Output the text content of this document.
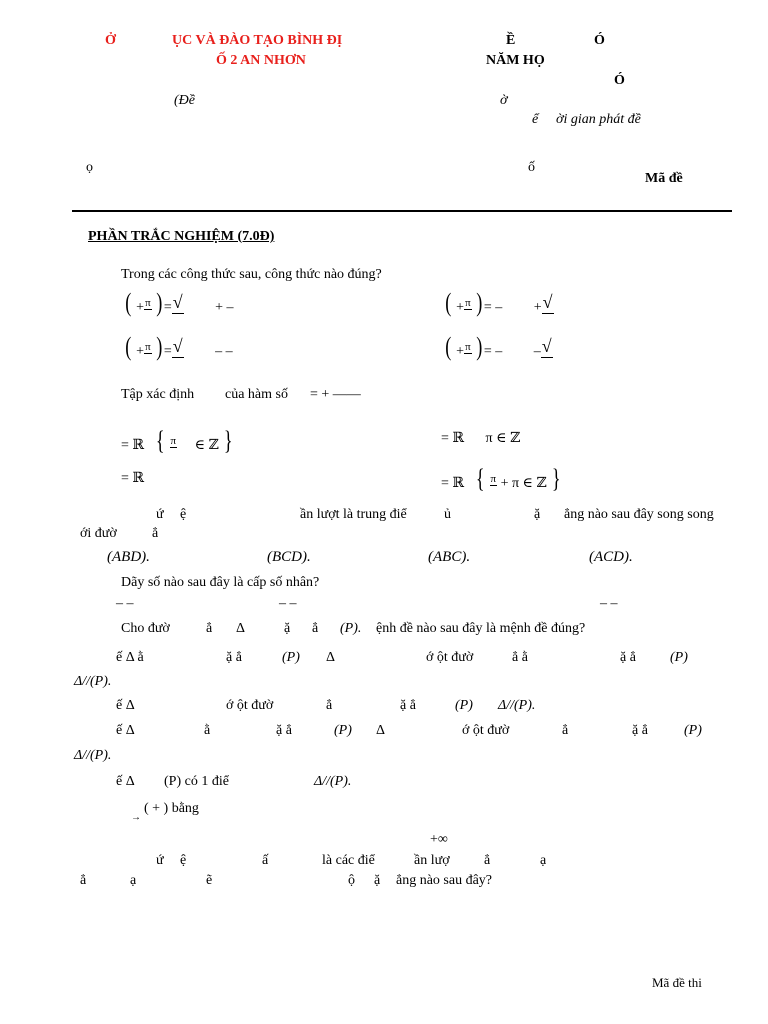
Ở	ỤC VÀ ĐÀO TẠO BÌNH ĐỊ
Ố 2 AN NHƠN
Ề	Ó
NĂM HỌ
Ó
(Đề	ờ
ể ời gian phát đề
ọ	ố
Mã đề
PHẦN TRẮC NGHIỆM (7.0Đ)
Trong các công thức sau, công thức nào đúng?
( + π )= √ + –	( + π )= – + √
( + π )= √ – –	( + π )= – – √
Tập xác định của hàm số = + ——
= ℝ { π ∈ ℤ }	= ℝ π ∈ ℤ
= ℝ	= ℝ { π + π ∈ ℤ }
ứ ệ	ần lượt là trung điể	ủ	ặ ẳng nào sau đây song song
ới đườ	ẳ
(ABD).	(BCD).	(ABC).	(ACD).
Dãy số nào sau đây là cấp số nhân?
– –	– –	– –
Cho đườ	ẳ Δ	ặ ẳ (P). ệnh đề nào sau đây là mệnh đề đúng?
ế Δ ằ	ặ ẳ	(P) Δ	ớ ột đườ	ẳ ằ	ặ ẳ (P)
Δ//(P).
ế Δ	ớ ột đườ	ẳ	ặ ẳ	(P) Δ//(P).
ế Δ	ằ	ặ ẳ	(P) Δ	ớ ột đườ	ẳ	ặ ẳ	(P)
Δ//(P).
ế Δ (P) có 1 điể	Δ//(P).
→
( + ) bằng
+∞
ứ ệ	ấ	là các điể	ần lượ ẳ	ạ
ẳ	ạ	ẽ	ộ ặ ẳng nào sau đây?
Mã đề thi
